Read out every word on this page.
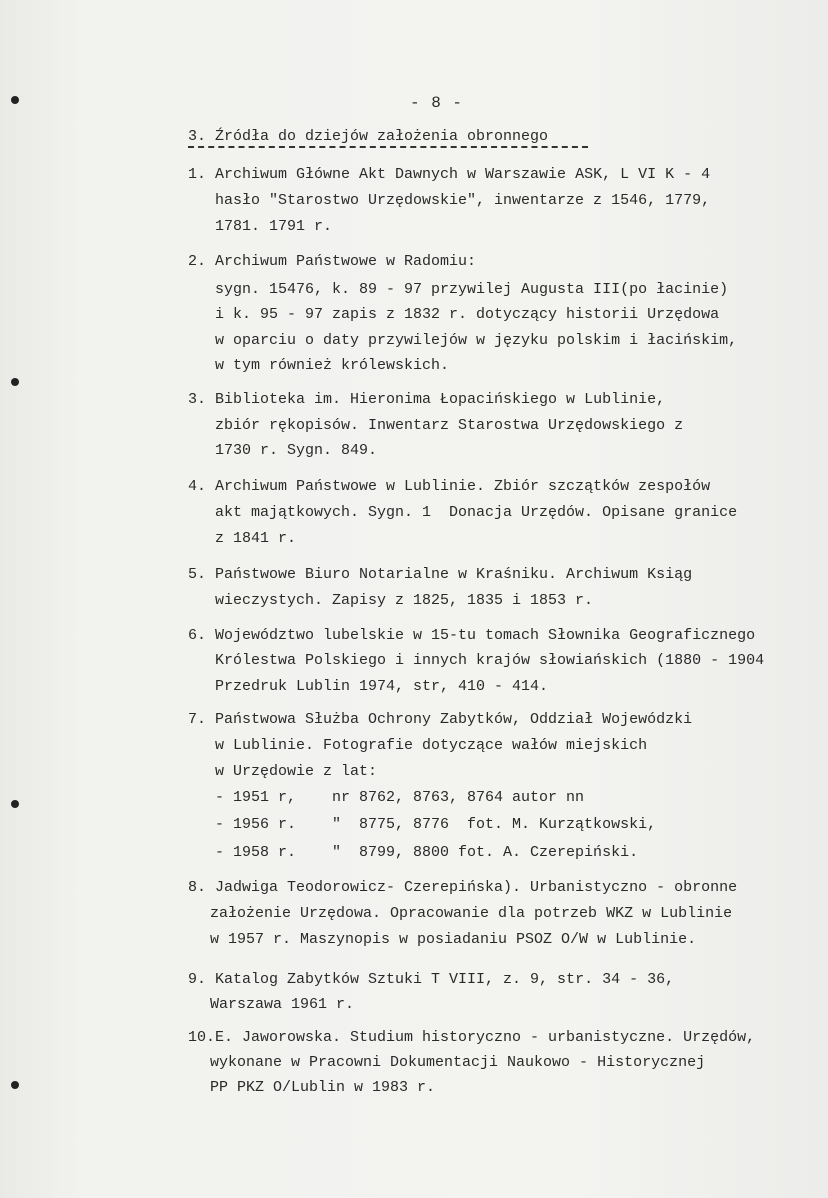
- 8 -
3. Źródła do dziejów założenia obronnego
1. Archiwum Główne Akt Dawnych w Warszawie ASK, L VI K - 4
hasło "Starostwo Urzędowskie", inwentarze z 1546, 1779,
1781. 1791 r.
2. Archiwum Państwowe w Radomiu:
sygn. 15476, k. 89 - 97 przywilej Augusta III(po łacinie)
i k. 95 - 97 zapis z 1832 r. dotyczący historii Urzędowa
w oparciu o daty przywilejów w języku polskim i łacińskim,
w tym również królewskich.
3. Biblioteka im. Hieronima Łopacińskiego w Lublinie,
zbiór rękopisów. Inwentarz Starostwa Urzędowskiego z
1730 r. Sygn. 849.
4. Archiwum Państwowe w Lublinie. Zbiór szczątków zespołów
akt majątkowych. Sygn. 1  Donacja Urzędów. Opisane granice
z 1841 r.
5. Państwowe Biuro Notarialne w Kraśniku. Archiwum Ksiąg
wieczystych. Zapisy z 1825, 1835 i 1853 r.
6. Województwo lubelskie w 15-tu tomach Słownika Geograficznego
Królestwa Polskiego i innych krajów słowiańskich (1880 - 1904
Przedruk Lublin 1974, str, 410 - 414.
7. Państwowa Służba Ochrony Zabytków, Oddział Wojewódzki
w Lublinie. Fotografie dotyczące wałów miejskich
w Urzędowie z lat:
- 1951 r,    nr 8762, 8763, 8764 autor nn
- 1956 r.    "  8775, 8776  fot. M. Kurzątkowski,
- 1958 r.    "  8799, 8800 fot. A. Czerepiński.
8. Jadwiga Teodorowicz- Czerepińska). Urbanistyczno - obronne
założenie Urzędowa. Opracowanie dla potrzeb WKZ w Lublinie
w 1957 r. Maszynopis w posiadaniu PSOZ O/W w Lublinie.
9. Katalog Zabytków Sztuki T VIII, z. 9, str. 34 - 36,
Warszawa 1961 r.
10.E. Jaworowska. Studium historyczno - urbanistyczne. Urzędów,
wykonane w Pracowni Dokumentacji Naukowo - Historycznej
PP PKZ O/Lublin w 1983 r.
